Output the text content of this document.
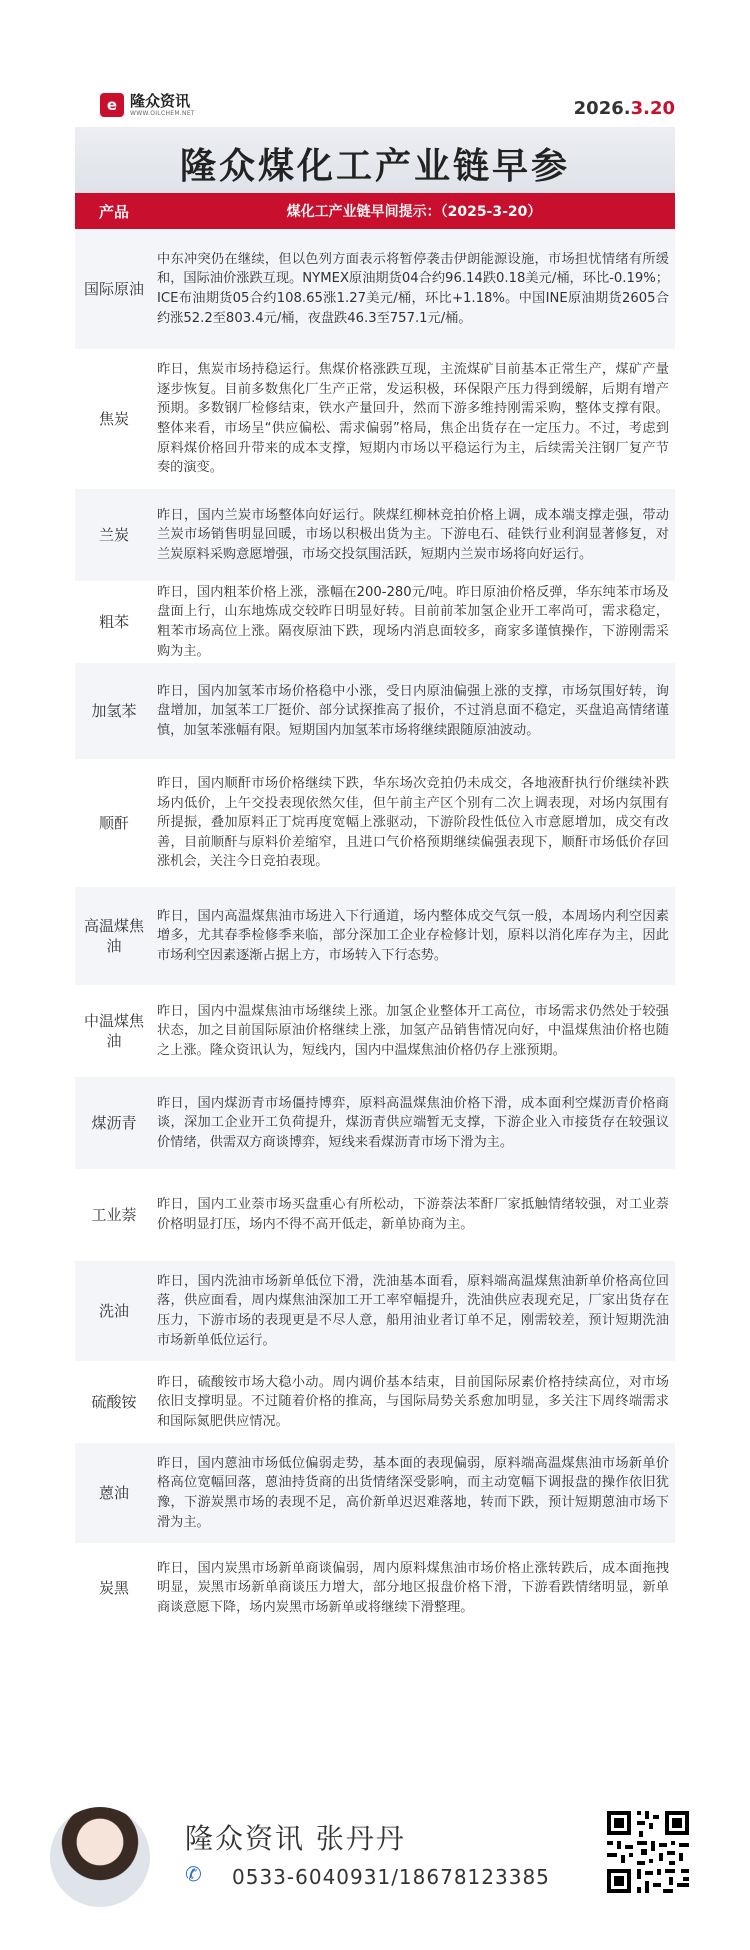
e 隆众资讯
WWW.OILCHEM.NET	2026.3.20
隆众煤化工产业链早参
产品	煤化工产业链早间提示：（2025-3-20）
国际原油
中东冲突仍在继续，但以色列方面表示将暂停袭击伊朗能源设施，市场担忧情绪有所缓和，国际油价涨跌互现。NYMEX原油期货04合约96.14跌0.18美元/桶，环比-0.19%；ICE布油期货05合约108.65涨1.27美元/桶，环比+1.18%。中国INE原油期货2605合约涨52.2至803.4元/桶，夜盘跌46.3至757.1元/桶。
焦炭
昨日，焦炭市场持稳运行。焦煤价格涨跌互现，主流煤矿目前基本正常生产，煤矿产量逐步恢复。目前多数焦化厂生产正常，发运积极，环保限产压力得到缓解，后期有增产预期。多数钢厂检修结束，铁水产量回升，然而下游多维持刚需采购，整体支撑有限。整体来看，市场呈“供应偏松、需求偏弱”格局，焦企出货存在一定压力。不过，考虑到原料煤价格回升带来的成本支撑，短期内市场以平稳运行为主，后续需关注钢厂复产节奏的演变。
兰炭
昨日，国内兰炭市场整体向好运行。陕煤红柳林竞拍价格上调，成本端支撑走强，带动兰炭市场销售明显回暖，市场以积极出货为主。下游电石、硅铁行业利润显著修复，对兰炭原料采购意愿增强，市场交投氛围活跃，短期内兰炭市场将向好运行。
粗苯
昨日，国内粗苯价格上涨，涨幅在200-280元/吨。昨日原油价格反弹，华东纯苯市场及盘面上行，山东地炼成交较昨日明显好转。目前前苯加氢企业开工率尚可，需求稳定，粗苯市场高位上涨。隔夜原油下跌，现场内消息面较多，商家多谨慎操作，下游刚需采购为主。
加氢苯
昨日，国内加氢苯市场价格稳中小涨，受日内原油偏强上涨的支撑，市场氛围好转，询盘增加，加氢苯工厂挺价、部分试探推高了报价，不过消息面不稳定，买盘追高情绪谨慎，加氢苯涨幅有限。短期国内加氢苯市场将继续跟随原油波动。
顺酐
昨日，国内顺酐市场价格继续下跌，华东场次竞拍仍未成交，各地液酐执行价继续补跌场内低价，上午交投表现依然欠佳，但午前主产区个别有二次上调表现，对场内氛围有所提振，叠加原料正丁烷再度宽幅上涨驱动，下游阶段性低位入市意愿增加，成交有改善，目前顺酐与原料价差缩窄，且进口气价格预期继续偏强表现下，顺酐市场低价存回涨机会，关注今日竞拍表现。
高温煤焦油
昨日，国内高温煤焦油市场进入下行通道，场内整体成交气氛一般，本周场内利空因素增多，尤其春季检修季来临，部分深加工企业存检修计划，原料以消化库存为主，因此市场利空因素逐渐占据上方，市场转入下行态势。
中温煤焦油
昨日，国内中温煤焦油市场继续上涨。加氢企业整体开工高位，市场需求仍然处于较强状态，加之目前国际原油价格继续上涨，加氢产品销售情况向好，中温煤焦油价格也随之上涨。隆众资讯认为，短线内，国内中温煤焦油价格仍存上涨预期。
煤沥青
昨日，国内煤沥青市场僵持博弈，原料高温煤焦油价格下滑，成本面利空煤沥青价格商谈，深加工企业开工负荷提升，煤沥青供应端暂无支撑，下游企业入市接货存在较强议价情绪，供需双方商谈博弈，短线来看煤沥青市场下滑为主。
工业萘
昨日，国内工业萘市场买盘重心有所松动，下游萘法苯酐厂家抵触情绪较强，对工业萘价格明显打压，场内不得不高开低走，新单协商为主。
洗油
昨日，国内洗油市场新单低位下滑，洗油基本面看，原料端高温煤焦油新单价格高位回落，供应面看，周内煤焦油深加工开工率窄幅提升，洗油供应表现充足，厂家出货存在压力，下游市场的表现更是不尽人意，船用油业者订单不足，刚需较差，预计短期洗油市场新单低位运行。
硫酸铵
昨日，硫酸铵市场大稳小动。周内调价基本结束，目前国际尿素价格持续高位，对市场依旧支撑明显。不过随着价格的推高，与国际局势关系愈加明显，多关注下周终端需求和国际氮肥供应情况。
蒽油
昨日，国内蒽油市场低位偏弱走势，基本面的表现偏弱，原料端高温煤焦油市场新单价格高位宽幅回落，蒽油持货商的出货情绪深受影响，而主动宽幅下调报盘的操作依旧犹豫，下游炭黑市场的表现不足，高价新单迟迟难落地，转而下跌，预计短期蒽油市场下滑为主。
炭黑
昨日，国内炭黑市场新单商谈偏弱，周内原料煤焦油市场价格止涨转跌后，成本面拖拽明显，炭黑市场新单商谈压力增大，部分地区报盘价格下滑，下游看跌情绪明显，新单商谈意愿下降，场内炭黑市场新单或将继续下滑整理。
隆众资讯 张丹丹
✆ 0533-6040931/18678123385
